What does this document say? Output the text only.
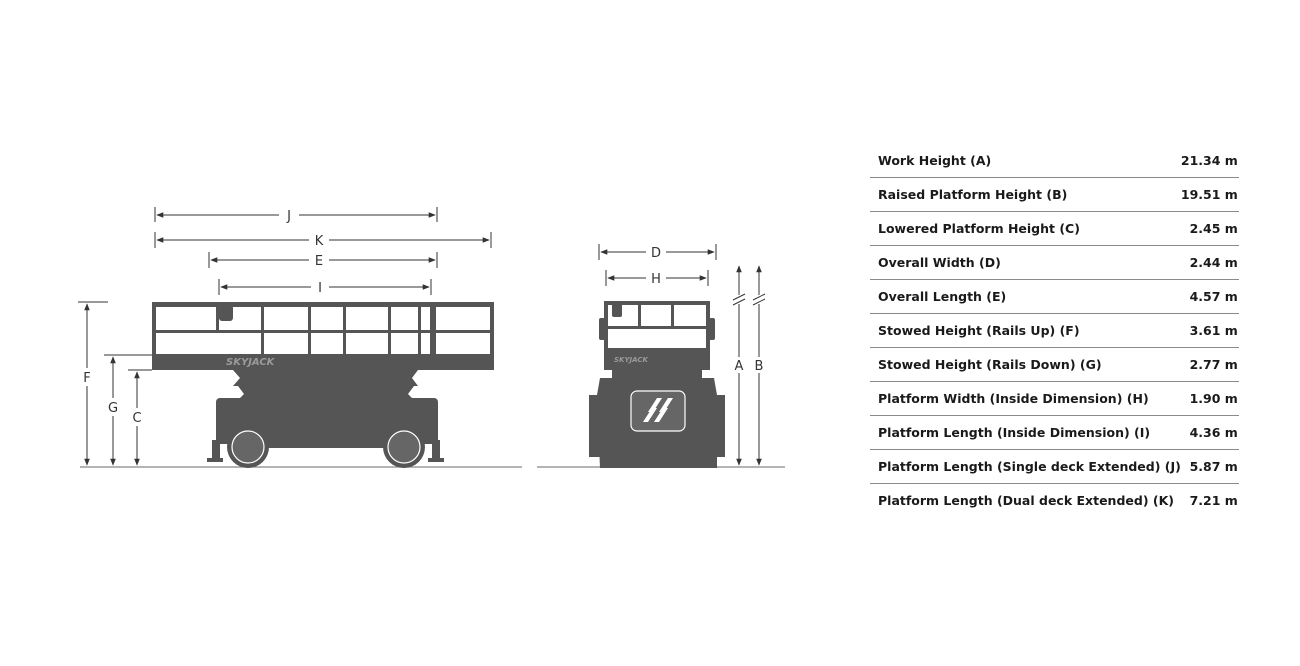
SKYJACK
J
K
E
I
F
G
C
SKYJACK
D
H
A B
Work Height (A)	21.34 m
Raised Platform Height (B)	19.51 m
Lowered Platform Height (C)	2.45 m
Overall Width (D)	2.44 m
Overall Length (E)	4.57 m
Stowed Height (Rails Up) (F)	3.61 m
Stowed Height (Rails Down) (G)	2.77 m
Platform Width (Inside Dimension) (H)	1.90 m
Platform Length (Inside Dimension) (I)	4.36 m
Platform Length (Single deck Extended) (J)	5.87 m
Platform Length (Dual deck Extended) (K)	7.21 m
